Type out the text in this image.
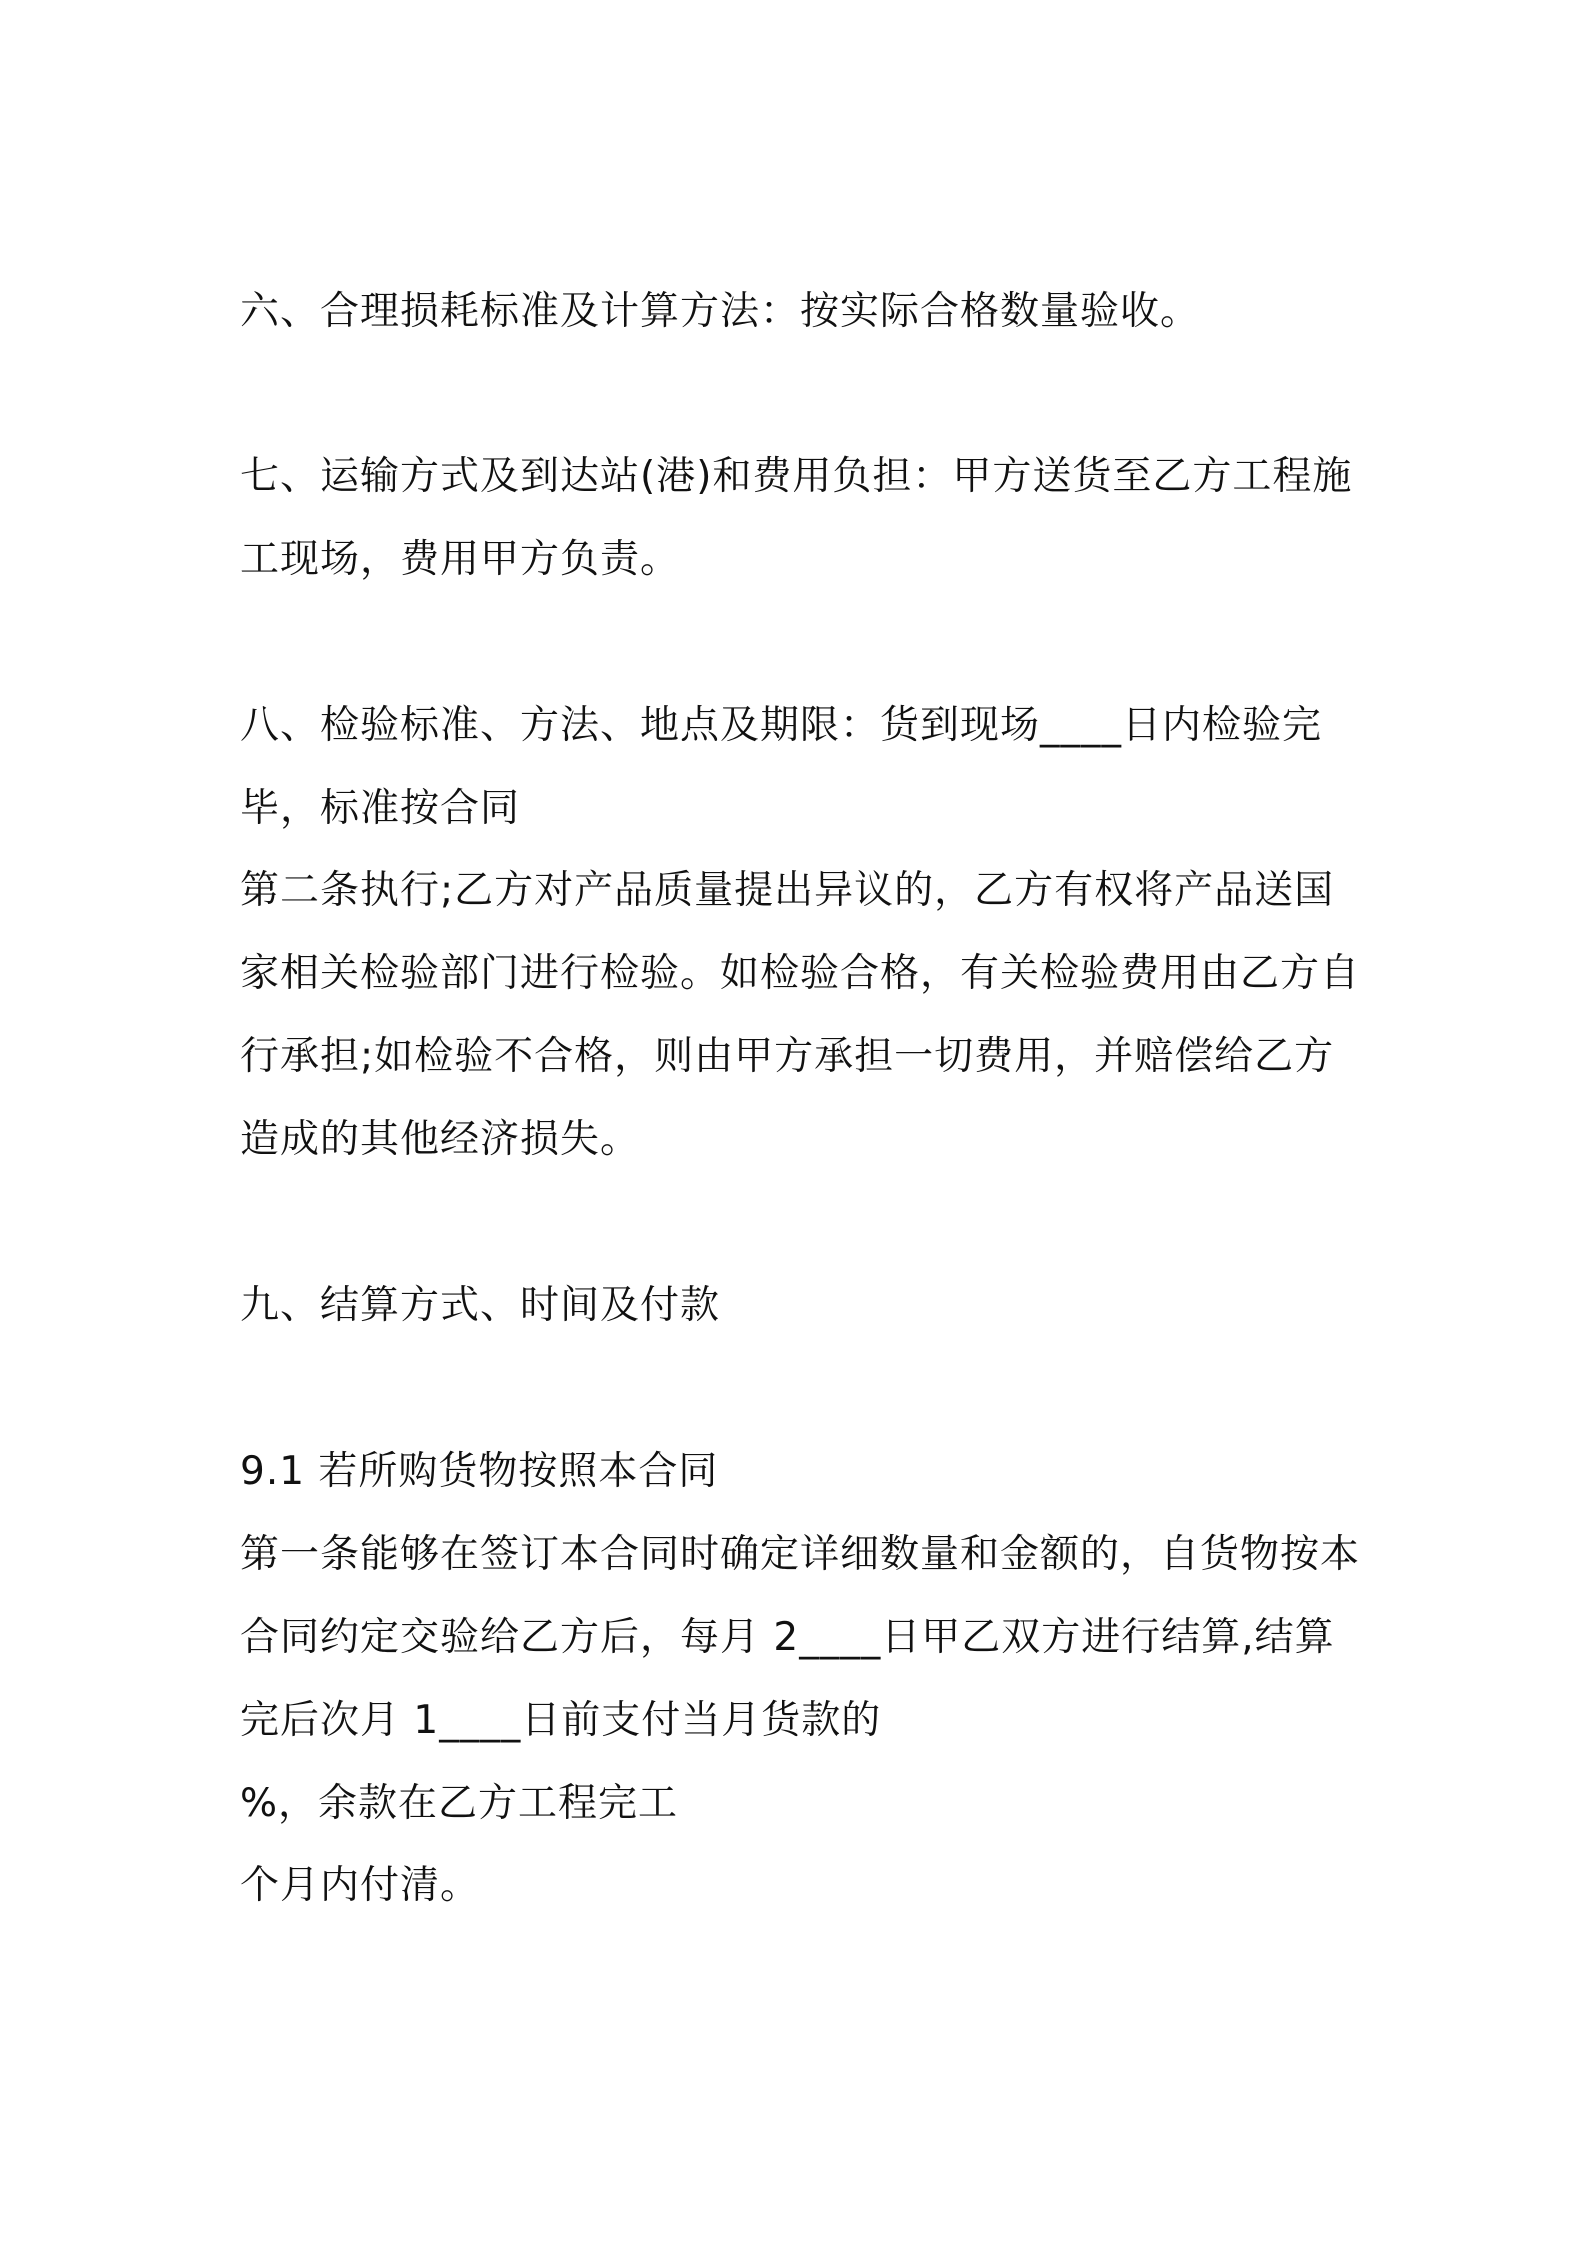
六、合理损耗标准及计算方法：按实际合格数量验收。
七、运输方式及到达站(港)和费用负担：甲方送货至乙方工程施
工现场，费用甲方负责。
八、检验标准、方法、地点及期限：货到现场____日内检验完
毕，标准按合同
第二条执行;乙方对产品质量提出异议的，乙方有权将产品送国
家相关检验部门进行检验。如检验合格，有关检验费用由乙方自
行承担;如检验不合格，则由甲方承担一切费用，并赔偿给乙方
造成的其他经济损失。
九、结算方式、时间及付款
9.1 若所购货物按照本合同
第一条能够在签订本合同时确定详细数量和金额的，自货物按本
合同约定交验给乙方后，每月 2____日甲乙双方进行结算,结算
完后次月 1____日前支付当月货款的
%，余款在乙方工程完工
个月内付清。
